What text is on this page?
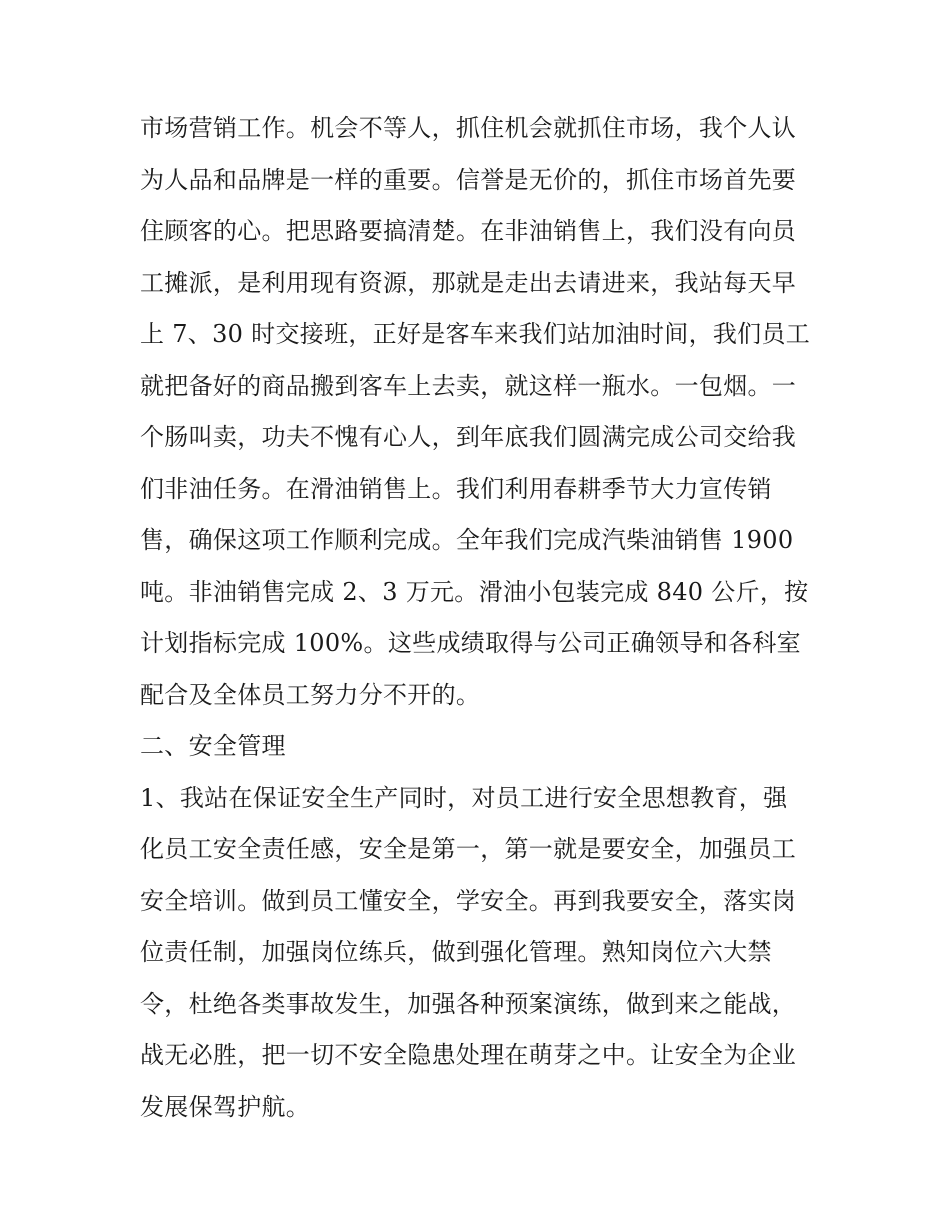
市场营销工作。机会不等人，抓住机会就抓住市场，我个人认
为人品和品牌是一样的重要。信誉是无价的，抓住市场首先要
住顾客的心。把思路要搞清楚。在非油销售上，我们没有向员
工摊派，是利用现有资源，那就是走出去请进来，我站每天早
上 7、30 时交接班，正好是客车来我们站加油时间，我们员工
就把备好的商品搬到客车上去卖，就这样一瓶水。一包烟。一
个肠叫卖，功夫不愧有心人，到年底我们圆满完成公司交给我
们非油任务。在滑油销售上。我们利用春耕季节大力宣传销
售，确保这项工作顺利完成。全年我们完成汽柴油销售 1900
吨。非油销售完成 2、3 万元。滑油小包装完成 840 公斤，按
计划指标完成 100%。这些成绩取得与公司正确领导和各科室
配合及全体员工努力分不开的。
二、安全管理
1、我站在保证安全生产同时，对员工进行安全思想教育，强
化员工安全责任感，安全是第一，第一就是要安全，加强员工
安全培训。做到员工懂安全，学安全。再到我要安全，落实岗
位责任制，加强岗位练兵，做到强化管理。熟知岗位六大禁
令，杜绝各类事故发生，加强各种预案演练，做到来之能战，
战无必胜，把一切不安全隐患处理在萌芽之中。让安全为企业
发展保驾护航。
